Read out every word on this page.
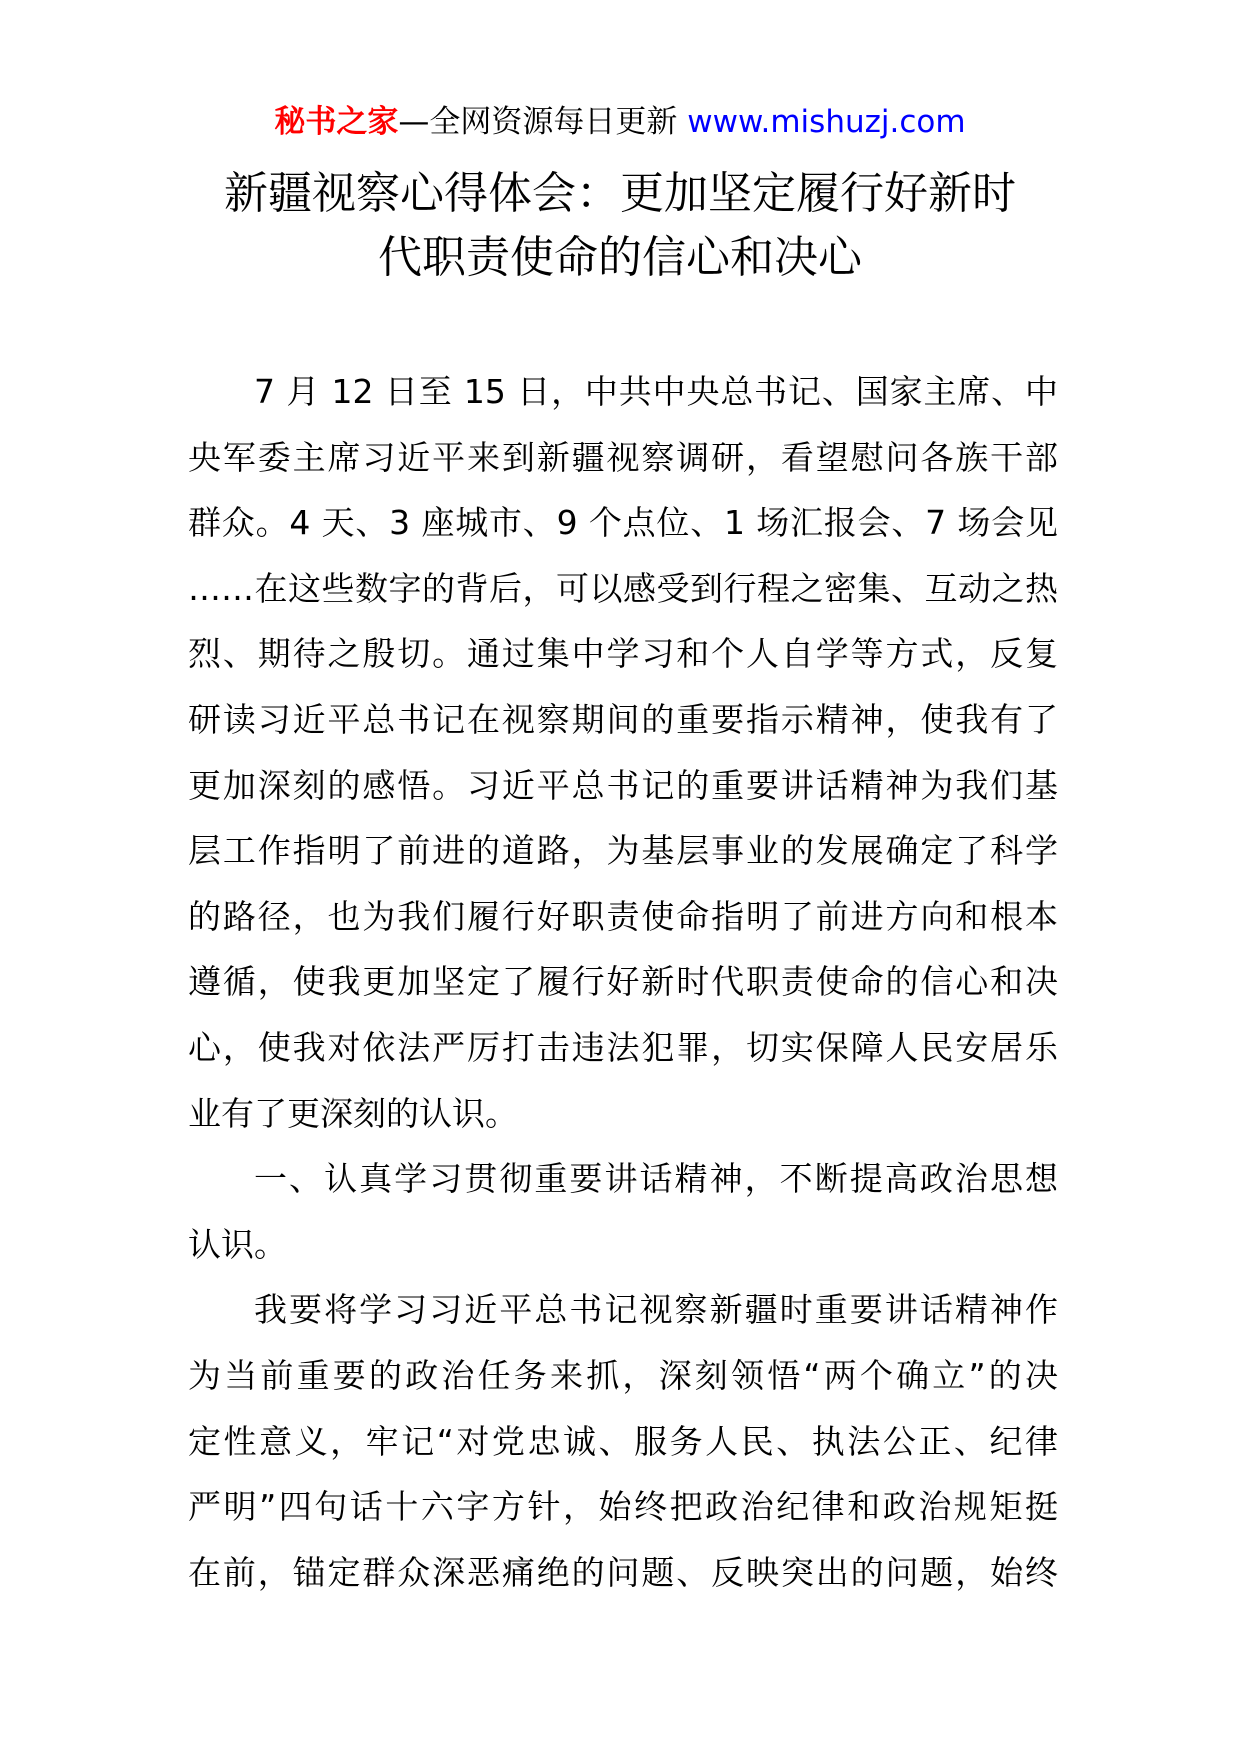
秘书之家—全网资源每日更新 www.mishuzj.com
新疆视察心得体会：更加坚定履行好新时
代职责使命的信心和决心
7 月 12 日至 15 日，中共中央总书记、国家主席、中
央军委主席习近平来到新疆视察调研，看望慰问各族干部
群众。4 天、3 座城市、9 个点位、1 场汇报会、7 场会见
……在这些数字的背后，可以感受到行程之密集、互动之热
烈、期待之殷切。通过集中学习和个人自学等方式，反复
研读习近平总书记在视察期间的重要指示精神，使我有了
更加深刻的感悟。习近平总书记的重要讲话精神为我们基
层工作指明了前进的道路，为基层事业的发展确定了科学
的路径，也为我们履行好职责使命指明了前进方向和根本
遵循，使我更加坚定了履行好新时代职责使命的信心和决
心，使我对依法严厉打击违法犯罪，切实保障人民安居乐
业有了更深刻的认识。
一、认真学习贯彻重要讲话精神，不断提高政治思想
认识。
我要将学习习近平总书记视察新疆时重要讲话精神作
为当前重要的政治任务来抓，深刻领悟“两个确立”的决
定性意义，牢记“对党忠诚、服务人民、执法公正、纪律
严明”四句话十六字方针，始终把政治纪律和政治规矩挺
在前，锚定群众深恶痛绝的问题、反映突出的问题，始终
